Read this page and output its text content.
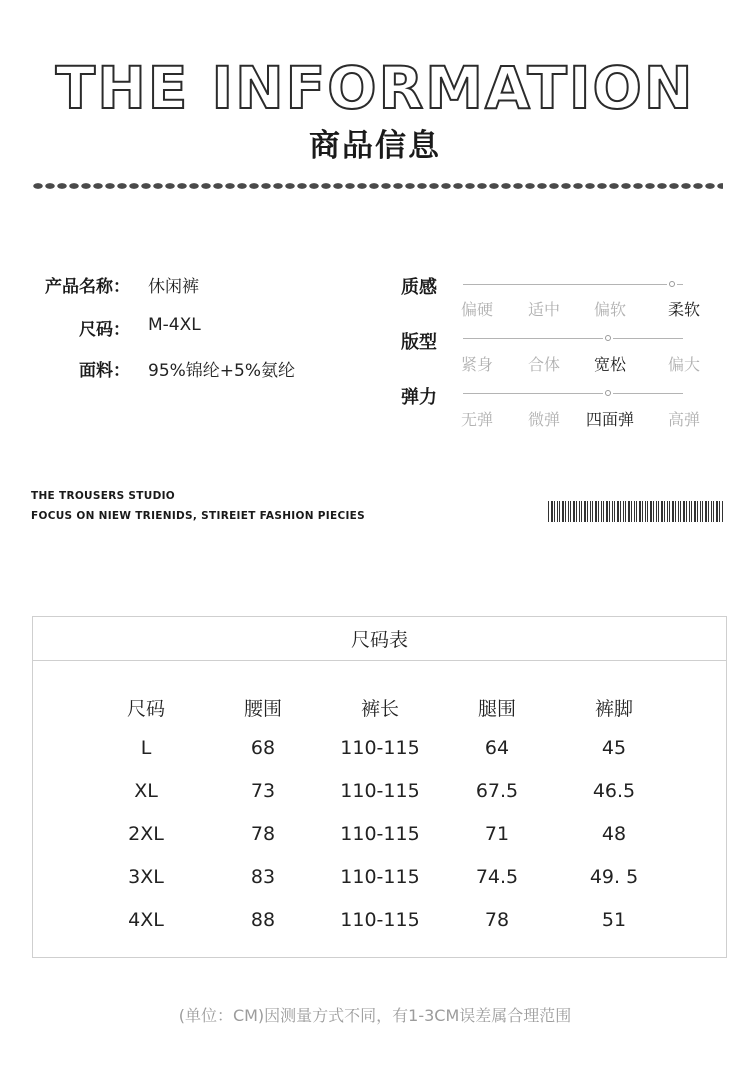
THE INFORMATION
商品信息
产品名称： 休闲裤
尺码： M-4XL
面料： 95%锦纶+5%氨纶
质感
偏硬	适中	偏软	柔软
版型
紧身	合体	宽松	偏大
弹力
无弹	微弹	四面弹	高弹
THE TROUSERS STUDIO
FOCUS ON NIEW TRIENIDS, STIREIET FASHION PIECIES
尺码表
尺码	腰围	裤长	腿围	裤脚
L	68	110-115	64	45
XL	73	110-115	67.5	46.5
2XL	78	110-115	71	48
3XL	83	110-115	74.5	49. 5
4XL	88	110-115	78	51
(单位：CM)因测量方式不同，有1-3CM误差属合理范围
